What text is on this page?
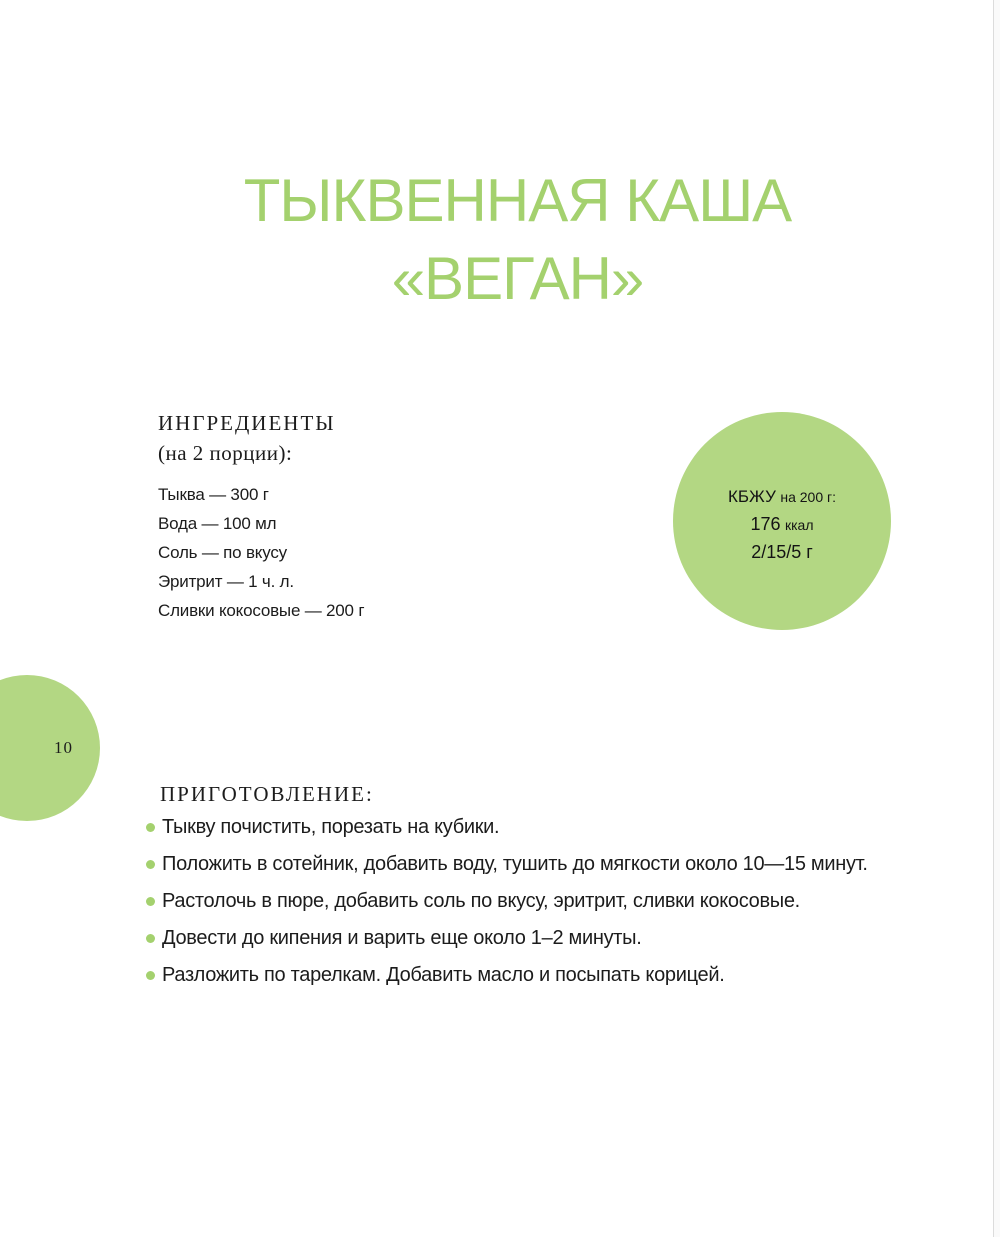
ТЫКВЕННАЯ КАША
«ВЕГАН»
ИНГРЕДИЕНТЫ
(на 2 порции):
Тыква — 300 г
Вода — 100 мл
Соль — по вкусу
Эритрит — 1 ч. л.
Сливки кокосовые — 200 г
КБЖУ на 200 г:
176 ккал
2/15/5 г
10
ПРИГОТОВЛЕНИЕ:
Тыкву почистить, порезать на кубики.
Положить в сотейник, добавить воду, тушить до мягкости около 10—15 минут.
Растолочь в пюре, добавить соль по вкусу, эритрит, сливки кокосовые.
Довести до кипения и варить еще около 1–2 минуты.
Разложить по тарелкам. Добавить масло и посыпать корицей.
